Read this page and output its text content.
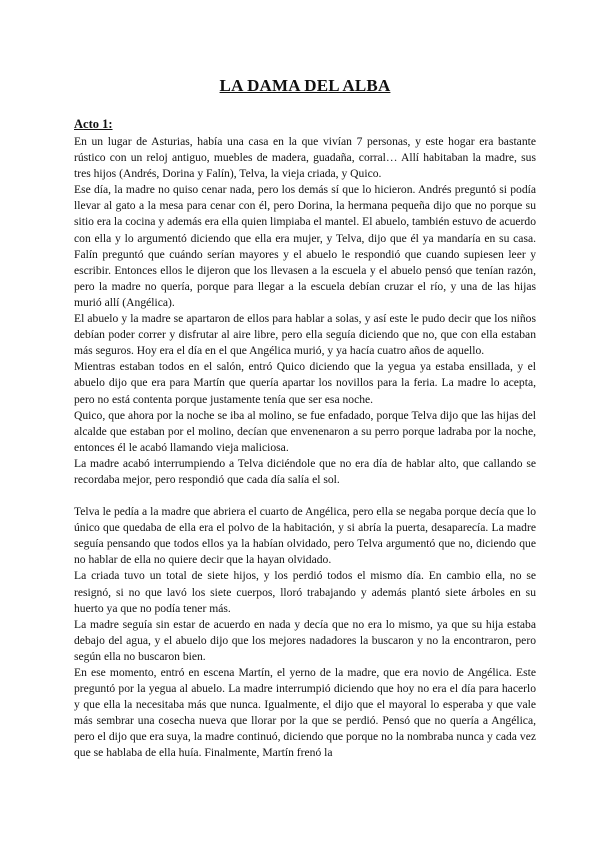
LA DAMA DEL ALBA
Acto 1:

En un lugar de Asturias, había una casa en la que vivían 7 personas, y este hogar era bastante rústico con un reloj antiguo, muebles de madera, guadaña, corral… Allí habitaban la madre, sus tres hijos (Andrés, Dorina y Falín), Telva, la vieja criada, y Quico.

Ese día, la madre no quiso cenar nada, pero los demás sí que lo hicieron. Andrés preguntó si podía llevar al gato a la mesa para cenar con él, pero Dorina, la hermana pequeña dijo que no porque su sitio era la cocina y además era ella quien limpiaba el mantel. El abuelo, también estuvo de acuerdo con ella y lo argumentó diciendo que ella era mujer, y Telva, dijo que él ya mandaría en su casa. Falín preguntó que cuándo serían mayores y el abuelo le respondió que cuando supiesen leer y escribir. Entonces ellos le dijeron que los llevasen a la escuela y el abuelo pensó que tenían razón, pero la madre no quería, porque para llegar a la escuela debían cruzar el río, y una de las hijas murió allí (Angélica).

El abuelo y la madre se apartaron de ellos para hablar a solas, y así este le pudo decir que los niños debían poder correr y disfrutar al aire libre, pero ella seguía diciendo que no, que con ella estaban más seguros. Hoy era el día en el que Angélica murió, y ya hacía cuatro años de aquello.

Mientras estaban todos en el salón, entró Quico diciendo que la yegua ya estaba ensillada, y el abuelo dijo que era para Martín que quería apartar los novillos para la feria. La madre lo acepta, pero no está contenta porque justamente tenía que ser esa noche.

Quico, que ahora por la noche se iba al molino, se fue enfadado, porque Telva dijo que las hijas del alcalde que estaban por el molino, decían que envenenaron a su perro porque ladraba por la noche, entonces él le acabó llamando vieja maliciosa.

La madre acabó interrumpiendo a Telva diciéndole que no era día de hablar alto, que callando se recordaba mejor, pero respondió que cada día salía el sol.

Telva le pedía a la madre que abriera el cuarto de Angélica, pero ella se negaba porque decía que lo único que quedaba de ella era el polvo de la habitación, y si abría la puerta, desaparecía. La madre seguía pensando que todos ellos ya la habían olvidado, pero Telva argumentó que no, diciendo que no hablar de ella no quiere decir que la hayan olvidado.

La criada tuvo un total de siete hijos, y los perdió todos el mismo día. En cambio ella, no se resignó, si no que lavó los siete cuerpos, lloró trabajando y además plantó siete árboles en su huerto ya que no podía tener más.

La madre seguía sin estar de acuerdo en nada y decía que no era lo mismo, ya que su hija estaba debajo del agua, y el abuelo dijo que los mejores nadadores la buscaron y no la encontraron, pero según ella no buscaron bien.

En ese momento, entró en escena Martín, el yerno de la madre, que era novio de Angélica. Este preguntó por la yegua al abuelo. La madre interrumpió diciendo que hoy no era el día para hacerlo y que ella la necesitaba más que nunca. Igualmente, el dijo que el mayoral lo esperaba y que vale más sembrar una cosecha nueva que llorar por la que se perdió. Pensó que no quería a Angélica, pero el dijo que era suya, la madre continuó, diciendo que porque no la nombraba nunca y cada vez que se hablaba de ella huía. Finalmente, Martín frenó la
